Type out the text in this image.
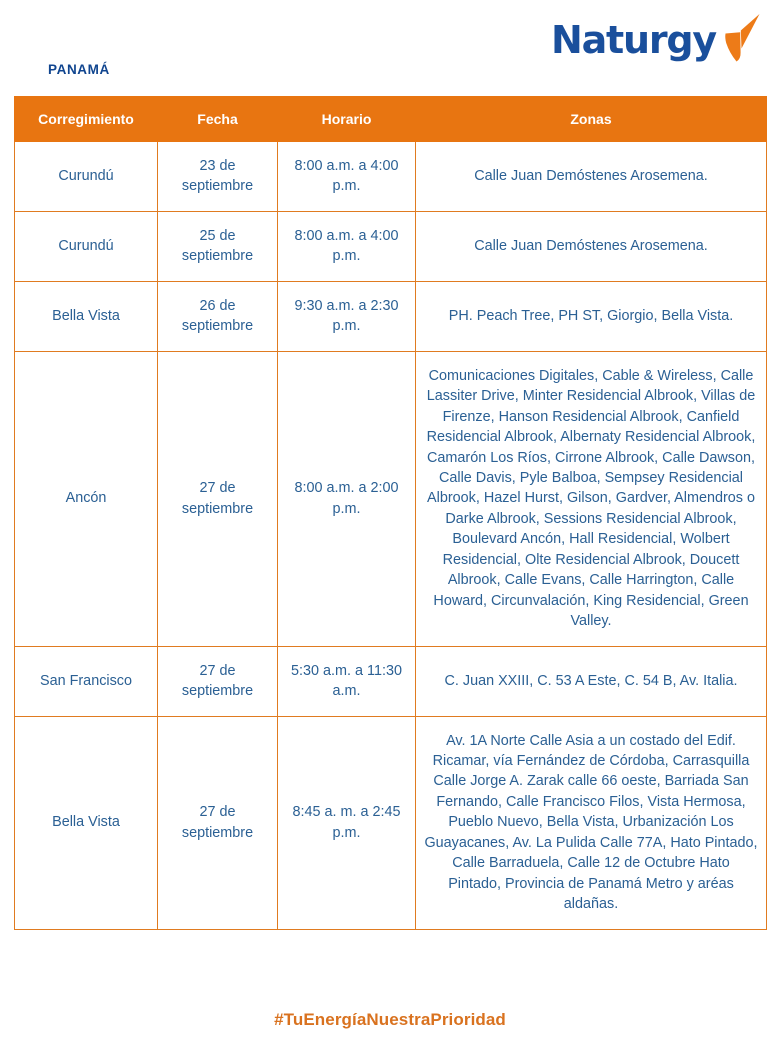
Naturgy
PANAMÁ
Corregimiento	Fecha	Horario	Zonas
Curundú	23 de septiembre	8:00 a.m. a 4:00 p.m.	Calle Juan Demóstenes Arosemena.
Curundú	25 de septiembre	8:00 a.m. a 4:00 p.m.	Calle Juan Demóstenes Arosemena.
Bella Vista	26 de septiembre	9:30 a.m. a 2:30 p.m.	PH. Peach Tree, PH ST, Giorgio, Bella Vista.
Ancón	27 de septiembre	8:00 a.m. a 2:00 p.m.	Comunicaciones Digitales, Cable & Wireless, Calle Lassiter Drive, Minter Residencial Albrook, Villas de Firenze, Hanson Residencial Albrook, Canfield Residencial Albrook, Albernaty Residencial Albrook, Camarón Los Ríos, Cirrone Albrook, Calle Dawson, Calle Davis, Pyle Balboa, Sempsey Residencial Albrook, Hazel Hurst, Gilson, Gardver, Almendros o Darke Albrook, Sessions Residencial Albrook, Boulevard Ancón, Hall Residencial, Wolbert Residencial, Olte Residencial Albrook, Doucett Albrook, Calle Evans, Calle Harrington, Calle Howard, Circunvalación, King Residencial, Green Valley.
San Francisco	27 de septiembre	5:30 a.m. a 11:30 a.m.	C. Juan XXIII, C. 53 A Este, C. 54 B, Av. Italia.
Bella Vista	27 de septiembre	8:45 a. m. a 2:45 p.m.	Av. 1A Norte Calle Asia a un costado del Edif. Ricamar, vía Fernández de Córdoba, Carrasquilla Calle Jorge A. Zarak calle 66 oeste, Barriada San Fernando, Calle Francisco Filos, Vista Hermosa, Pueblo Nuevo, Bella Vista, Urbanización Los Guayacanes, Av. La Pulida Calle 77A, Hato Pintado, Calle Barraduela, Calle 12 de Octubre Hato Pintado, Provincia de Panamá Metro y aréas aldañas.
#TuEnergíaNuestraPrioridad
